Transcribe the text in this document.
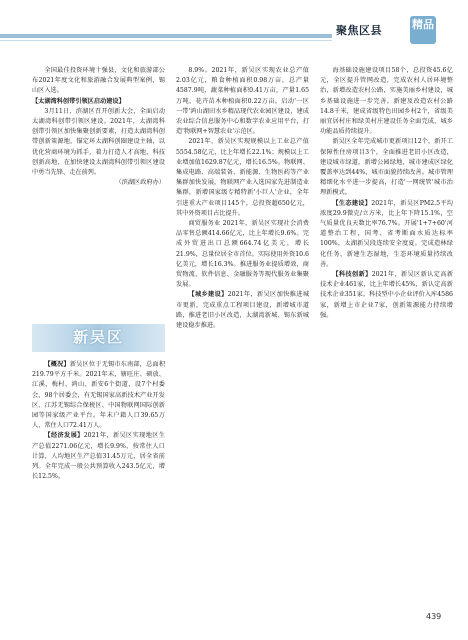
聚焦区县	精品

全国最佳投资环境十强县，文化和旅游部公布2021年度文化和旅游融合发展典型案例，锡山区入选。

【太湖湾科创带引领区启动建设】

3月11日，滨湖区召开创新大会，全面启动太湖湾科创带引领区建设。2021年，太湖湾科创带引领区加快集聚创新要素，打造太湖湾科创带创新策源地，锚定环太湖科创圈建设主轴，以优化营商环境为抓手，着力打造人才高地、科技创新高地，在加快建设太湖湾科创带引领区建设中勇当先锋、走在前列。

（滨湖区政府办）

新吴区

【概况】新吴区位于无锡市东南部，总面积219.79平方千米。2021年末，辖旺庄、硕放、江溪、梅村、鸿山、新安6个街道，设7个村委会、98个居委会，有无锡国家高新技术产业开发区、江苏无锡综合保税区、中国物联网国际创新园等国家级产业平台。年末户籍人口39.65万人，常住人口72.41万人。

【经济发展】2021年，新吴区实现地区生产总值2271.06亿元，增长9.9%，按常住人口计算，人均地区生产总值31.45万元，居全省前列。全年完成一般公共预算收入243.5亿元，增长12.5%。

8.9%。2021年，新吴区实现农业总产值2.03亿元，粮食种植面积0.98万亩，总产量4587.9吨，蔬菜种植面积0.41万亩，产量1.65万吨，花卉苗木种植面积0.22万亩。启动'一区一带'鸿山湖田水乡精品现代农业园区建设，建成农业综合信息服务中心和数字农业应用平台，打造'物联网+智慧农业'示范区。

2021年，新吴区实现规模以上工业总产值5554.58亿元，比上年增长22.1%；规模以上工业增加值1629.87亿元，增长16.5%。物联网、集成电路、高端装备、新能源、生物医药等产业集群加快发展，物联网产业入选国家先进制造业集群，新增国家级专精特新'小巨人'企业，全年引进重大产业项目145个，总投资超650亿元，其中外资项目占比提升。

商贸服务业 2021年，新吴区实现社会消费品零售总额414.66亿元，比上年增长9.6%。完成外贸进出口总额664.74亿美元，增长21.9%，总量位居全市首位。实际使用外资10.6亿美元，增长16.3%。推进服务业提质增效，商贸物流、软件信息、金融服务等现代服务业集聚发展。

【城乡建设】2021年，新吴区加快推进城市更新，完成重点工程项目建设，新增城市道路，推进老旧小区改造，太湖湾新城、锡东新城建设稳步推进。

海基础设施建设项目58个，总投资45.6亿元，全区提升管网改造，完成农村人居环境整治，新增改造农村公路，实施美丽乡村建设，城乡基础设施进一步完善。新建及改造农村公路14.8千米，建成省级特色田园乡村2个，省级美丽宜居村庄和绿美村庄建设任务全面完成，城乡功能品质持续提升。

新吴区全年完成城市更新项目12个，新开工保障性住房项目3个，全面推进老旧小区改造，建设城市绿道，新增公园绿地，城市建成区绿化覆盖率达到44%，城市面貌持续改善。城市管理精细化水平进一步提高，打造'一网统管'城市治理新模式。

【生态建设】2021年，新吴区PM2.5平均浓度29.9微克/立方米，比上年下降15.1%，空气质量优良天数比率76.7%。开展'1+7+60'河道整治工程，国考、省考断面水质达标率100%，太湖新吴段连续安全度夏。完成造林绿化任务，新建生态湿地，生态环境质量持续改善。

【科技创新】2021年，新吴区新认定高新技术企业461家，比上年增长45%，新认定高新技术企业351家。科技型中小企业评价入库4586家，新增上市企业7家，创新策源能力持续增强。

439
